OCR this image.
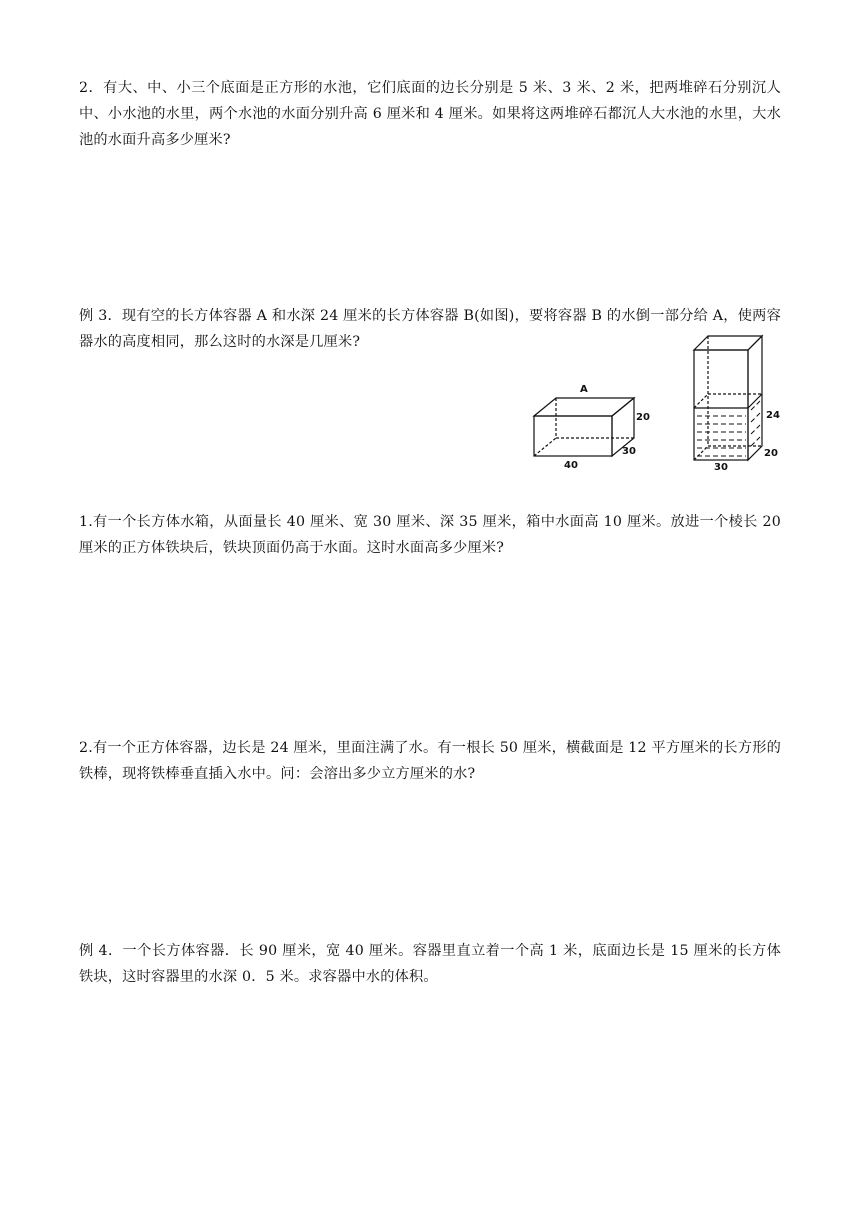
2．有大、中、小三个底面是正方形的水池，它们底面的边长分别是 5 米、3 米、2 米，把两堆碎石分别沉人中、小水池的水里，两个水池的水面分别升高 6 厘米和 4 厘米。如果将这两堆碎石都沉人大水池的水里，大水池的水面升高多少厘米?
例 3．现有空的长方体容器 A 和水深 24 厘米的长方体容器 B(如图)，要将容器 B 的水倒一部分给 A，使两容器水的高度相同，那么这时的水深是几厘米?
A
20
30
40
24
20
30
1.有一个长方体水箱，从面量长 40 厘米、宽 30 厘米、深 35 厘米，箱中水面高 10 厘米。放进一个棱长 20 厘米的正方体铁块后，铁块顶面仍高于水面。这时水面高多少厘米?
2.有一个正方体容器，边长是 24 厘米，里面注满了水。有一根长 50 厘米，横截面是 12 平方厘米的长方形的铁棒，现将铁棒垂直插入水中。问：会溶出多少立方厘米的水?
例 4．一个长方体容器．长 90 厘米，宽 40 厘米。容器里直立着一个高 1 米，底面边长是 15 厘米的长方体铁块，这时容器里的水深 0．5 米。求容器中水的体积。
